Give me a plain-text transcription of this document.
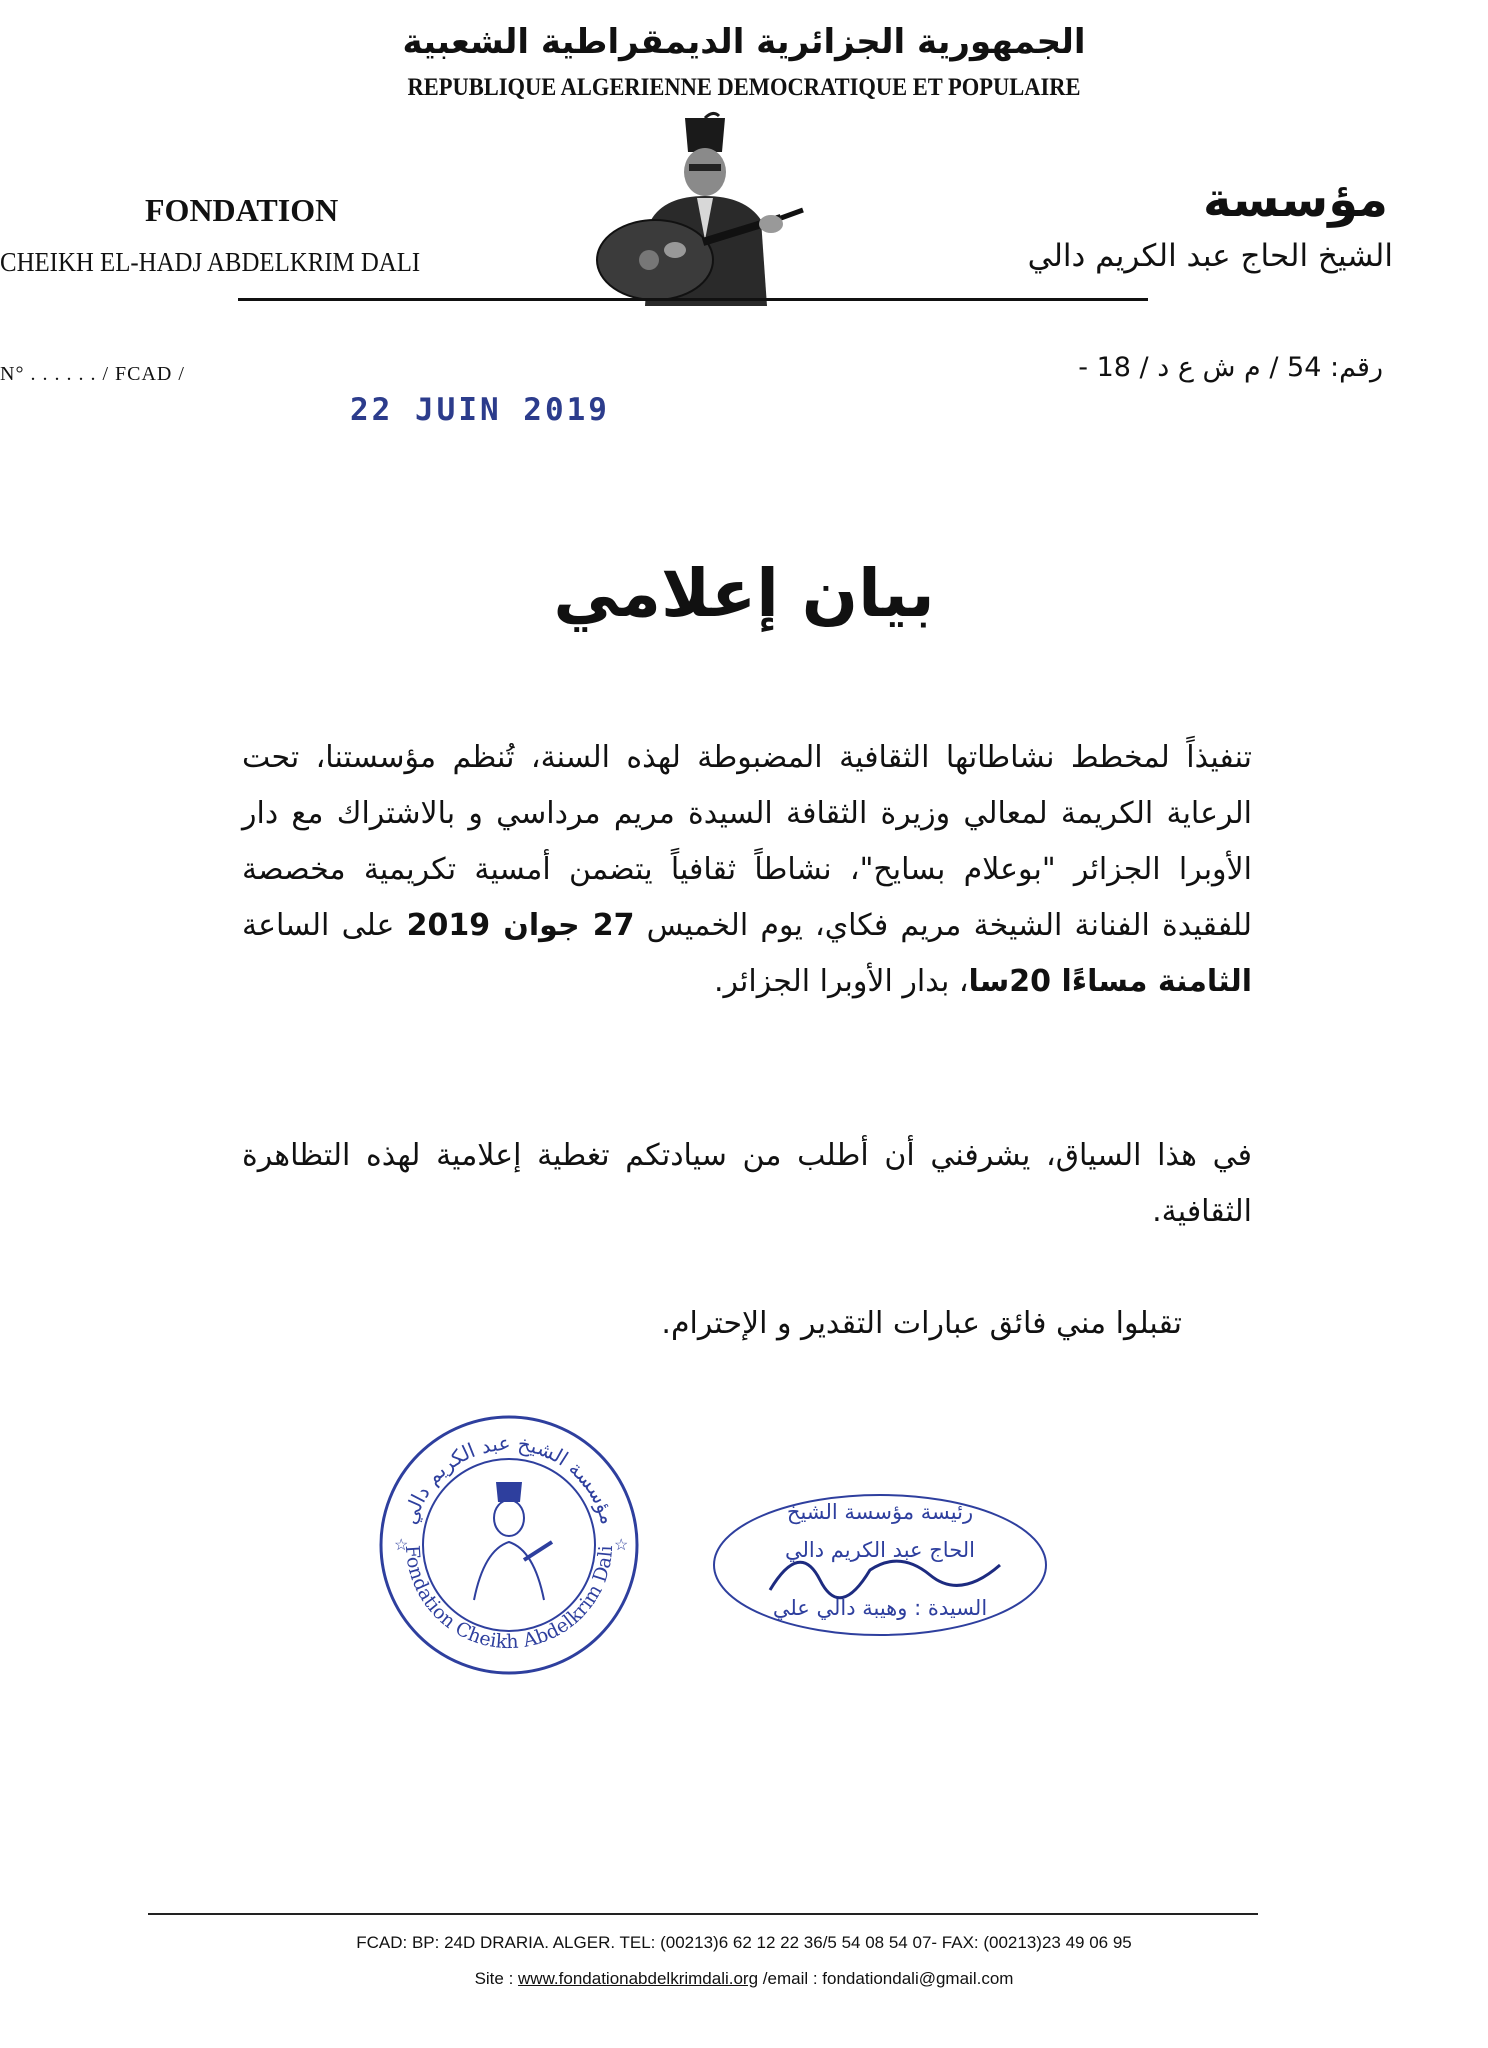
الجمهورية الجزائرية الديمقراطية الشعبية
REPUBLIQUE ALGERIENNE DEMOCRATIQUE ET POPULAIRE
FONDATION
CHEIKH EL-HADJ ABDELKRIM DALI
مؤسسة
الشيخ الحاج عبد الكريم دالي
N° . . . . . . / FCAD /	رقم: 54 / م ش ع د / 18 -
22 JUIN 2019
بيان إعلامي
تنفيذاً لمخطط نشاطاتها الثقافية المضبوطة لهذه السنة، تُنظم مؤسستنا، تحت الرعاية الكريمة لمعالي وزيرة الثقافة السيدة مريم مرداسي و بالاشتراك مع دار الأوبرا الجزائر "بوعلام بسايح"، نشاطاً ثقافياً يتضمن أمسية تكريمية مخصصة للفقيدة الفنانة الشيخة مريم فكاي، يوم الخميس 27 جوان 2019 على الساعة الثامنة مساءًا 20سا، بدار الأوبرا الجزائر.
في هذا السياق، يشرفني أن أطلب من سيادتكم تغطية إعلامية لهذه التظاهرة الثقافية.
تقبلوا مني فائق عبارات التقدير و الإحترام.
مؤسسة الشيخ عبد الكريم دالي
Fondation Cheikh Abdelkrim Dali
☆	☆
رئيسة مؤسسة الشيخ
الحاج عبد الكريم دالي
السيدة : وهيبة دالي علي
FCAD: BP: 24D DRARIA. ALGER. TEL: (00213)6 62 12 22 36/5 54 08 54 07- FAX: (00213)23 49 06 95
Site : www.fondationabdelkrimdali.org /email : fondationdali@gmail.com
